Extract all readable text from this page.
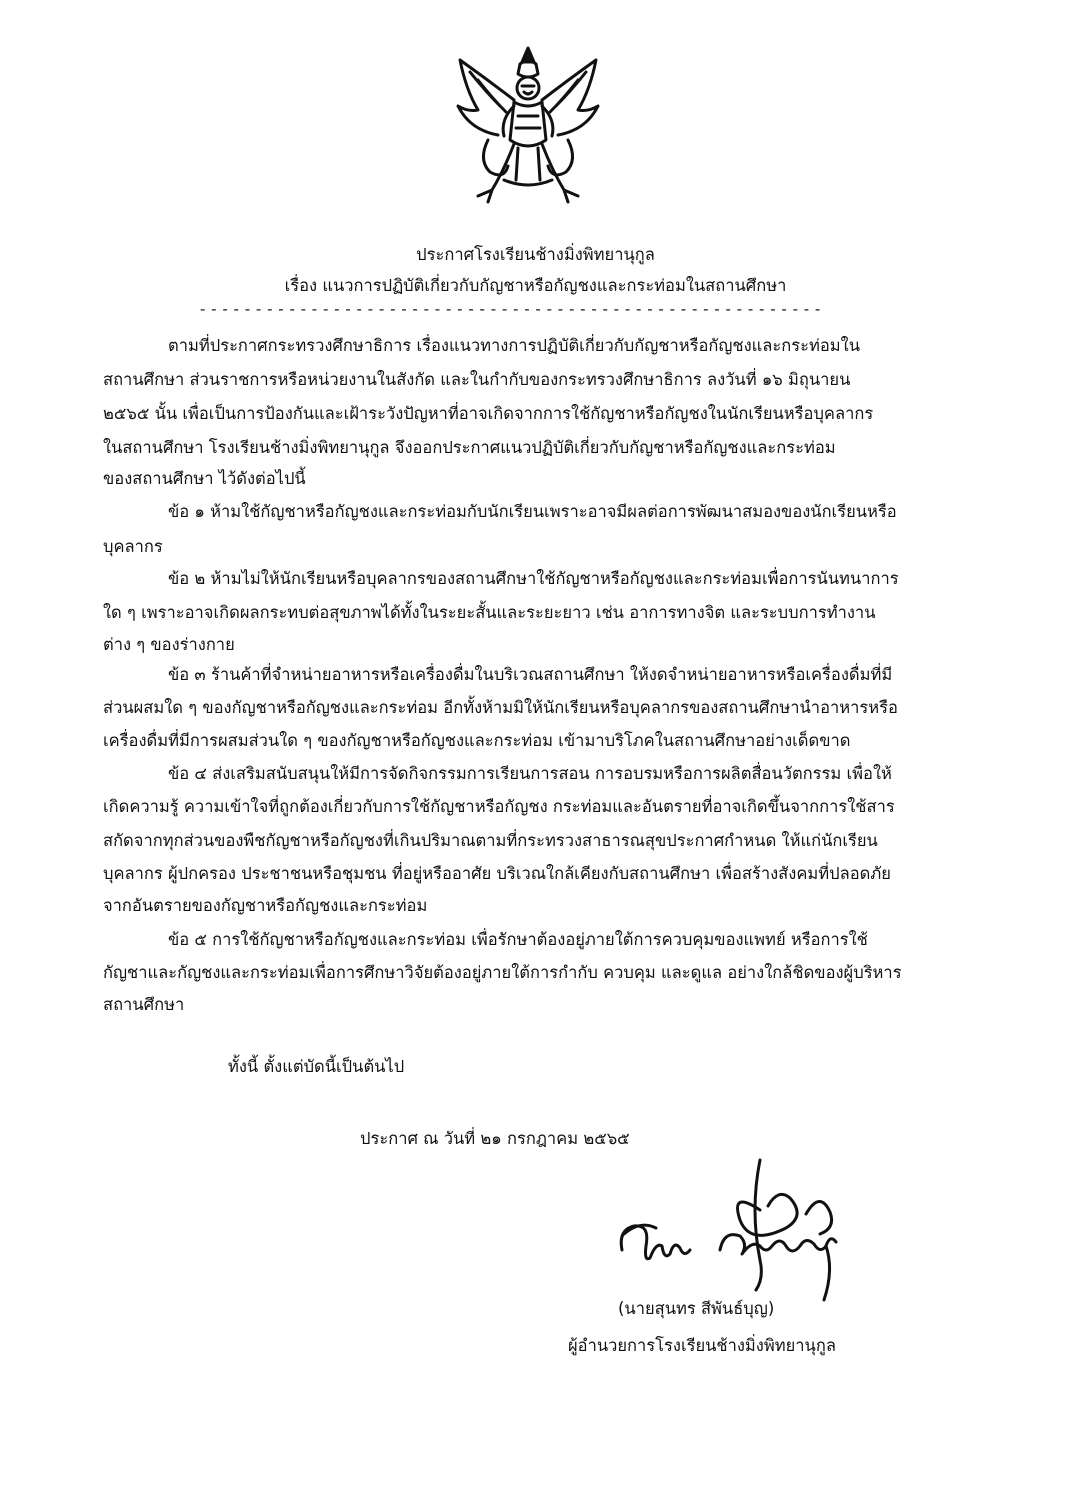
ประกาศโรงเรียนช้างมิ่งพิทยานุกูล
เรื่อง แนวการปฏิบัติเกี่ยวกับกัญชาหรือกัญชงและกระท่อมในสถานศึกษา
- - - - - - - - - - - - - - - - - - - - - - - - - - - - - - - - - - - - - - - - - - - - - - - - - - - - - - - -
ตามที่ประกาศกระทรวงศึกษาธิการ เรื่องแนวทางการปฏิบัติเกี่ยวกับกัญชาหรือกัญชงและกระท่อมใน
สถานศึกษา ส่วนราชการหรือหน่วยงานในสังกัด และในกำกับของกระทรวงศึกษาธิการ ลงวันที่ ๑๖ มิถุนายน
๒๕๖๕ นั้น เพื่อเป็นการป้องกันและเฝ้าระวังปัญหาที่อาจเกิดจากการใช้กัญชาหรือกัญชงในนักเรียนหรือบุคลากร
ในสถานศึกษา โรงเรียนช้างมิ่งพิทยานุกูล จึงออกประกาศแนวปฏิบัติเกี่ยวกับกัญชาหรือกัญชงและกระท่อม
ของสถานศึกษา ไว้ดังต่อไปนี้
ข้อ ๑ ห้ามใช้กัญชาหรือกัญชงและกระท่อมกับนักเรียนเพราะอาจมีผลต่อการพัฒนาสมองของนักเรียนหรือ
บุคลากร
ข้อ ๒ ห้ามไม่ให้นักเรียนหรือบุคลากรของสถานศึกษาใช้กัญชาหรือกัญชงและกระท่อมเพื่อการนันทนาการ
ใด ๆ เพราะอาจเกิดผลกระทบต่อสุขภาพได้ทั้งในระยะสั้นและระยะยาว เช่น อาการทางจิต และระบบการทำงาน
ต่าง ๆ ของร่างกาย
ข้อ ๓ ร้านค้าที่จำหน่ายอาหารหรือเครื่องดื่มในบริเวณสถานศึกษา ให้งดจำหน่ายอาหารหรือเครื่องดื่มที่มี
ส่วนผสมใด ๆ ของกัญชาหรือกัญชงและกระท่อม อีกทั้งห้ามมิให้นักเรียนหรือบุคลากรของสถานศึกษานำอาหารหรือ
เครื่องดื่มที่มีการผสมส่วนใด ๆ ของกัญชาหรือกัญชงและกระท่อม เข้ามาบริโภคในสถานศึกษาอย่างเด็ดขาด
ข้อ ๔ ส่งเสริมสนับสนุนให้มีการจัดกิจกรรมการเรียนการสอน การอบรมหรือการผลิตสื่อนวัตกรรม เพื่อให้
เกิดความรู้ ความเข้าใจที่ถูกต้องเกี่ยวกับการใช้กัญชาหรือกัญชง กระท่อมและอันตรายที่อาจเกิดขึ้นจากการใช้สาร
สกัดจากทุกส่วนของพืชกัญชาหรือกัญชงที่เกินปริมาณตามที่กระทรวงสาธารณสุขประกาศกำหนด ให้แก่นักเรียน
บุคลากร ผู้ปกครอง ประชาชนหรือชุมชน ที่อยู่หรืออาศัย บริเวณใกล้เคียงกับสถานศึกษา เพื่อสร้างสังคมที่ปลอดภัย
จากอันตรายของกัญชาหรือกัญชงและกระท่อม
ข้อ ๕ การใช้กัญชาหรือกัญชงและกระท่อม เพื่อรักษาต้องอยู่ภายใต้การควบคุมของแพทย์ หรือการใช้
กัญชาและกัญชงและกระท่อมเพื่อการศึกษาวิจัยต้องอยู่ภายใต้การกำกับ ควบคุม และดูแล อย่างใกล้ชิดของผู้บริหาร
สถานศึกษา
ทั้งนี้ ตั้งแต่บัดนี้เป็นต้นไป
ประกาศ ณ วันที่ ๒๑ กรกฎาคม ๒๕๖๕
(นายสุนทร สีพันธ์บุญ)
ผู้อำนวยการโรงเรียนช้างมิ่งพิทยานุกูล
